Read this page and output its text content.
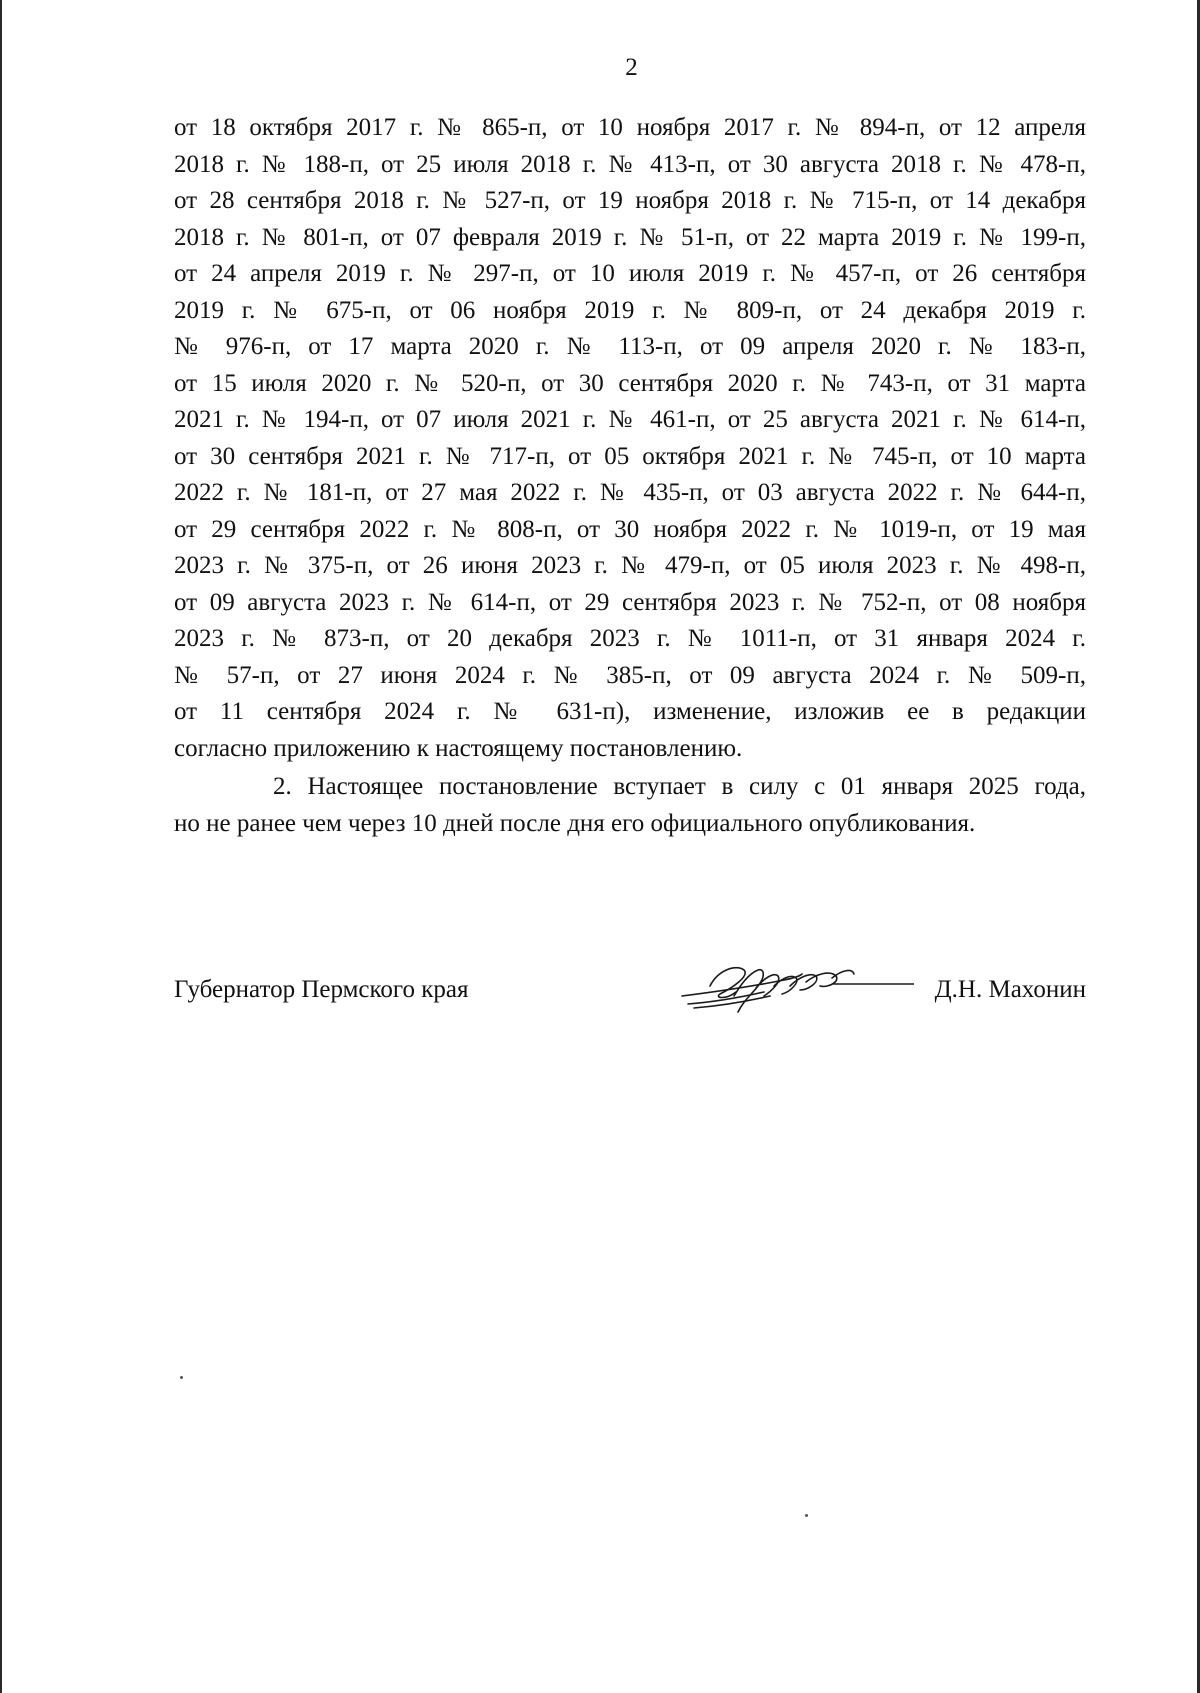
2

от 18 октября 2017 г. № 865-п, от 10 ноября 2017 г. № 894-п, от 12 апреля
2018 г. № 188-п, от 25 июля 2018 г. № 413-п, от 30 августа 2018 г. № 478-п,
от 28 сентября 2018 г. № 527-п, от 19 ноября 2018 г. № 715-п, от 14 декабря
2018 г. № 801-п, от 07 февраля 2019 г. № 51-п, от 22 марта 2019 г. № 199-п,
от 24 апреля 2019 г. № 297-п, от 10 июля 2019 г. № 457-п, от 26 сентября
2019 г. № 675-п, от 06 ноября 2019 г. № 809-п, от 24 декабря 2019 г.
№ 976-п, от 17 марта 2020 г. № 113-п, от 09 апреля 2020 г. № 183-п,
от 15 июля 2020 г. № 520-п, от 30 сентября 2020 г. № 743-п, от 31 марта
2021 г. № 194-п, от 07 июля 2021 г. № 461-п, от 25 августа 2021 г. № 614-п,
от 30 сентября 2021 г. № 717-п, от 05 октября 2021 г. № 745-п, от 10 марта
2022 г. № 181-п, от 27 мая 2022 г. № 435-п, от 03 августа 2022 г. № 644-п,
от 29 сентября 2022 г. № 808-п, от 30 ноября 2022 г. № 1019-п, от 19 мая
2023 г. № 375-п, от 26 июня 2023 г. № 479-п, от 05 июля 2023 г. № 498-п,
от 09 августа 2023 г. № 614-п, от 29 сентября 2023 г. № 752-п, от 08 ноября
2023 г. № 873-п, от 20 декабря 2023 г. № 1011-п, от 31 января 2024 г.
№ 57-п, от 27 июня 2024 г. № 385-п, от 09 августа 2024 г. № 509-п,
от 11 сентября 2024 г. № 631-п), изменение, изложив ее в редакции
согласно приложению к настоящему постановлению.

2. Настоящее постановление вступает в силу с 01 января 2025 года,
но не ранее чем через 10 дней после дня его официального опубликования.

Губернатор Пермского края	Д.Н. Махонин
